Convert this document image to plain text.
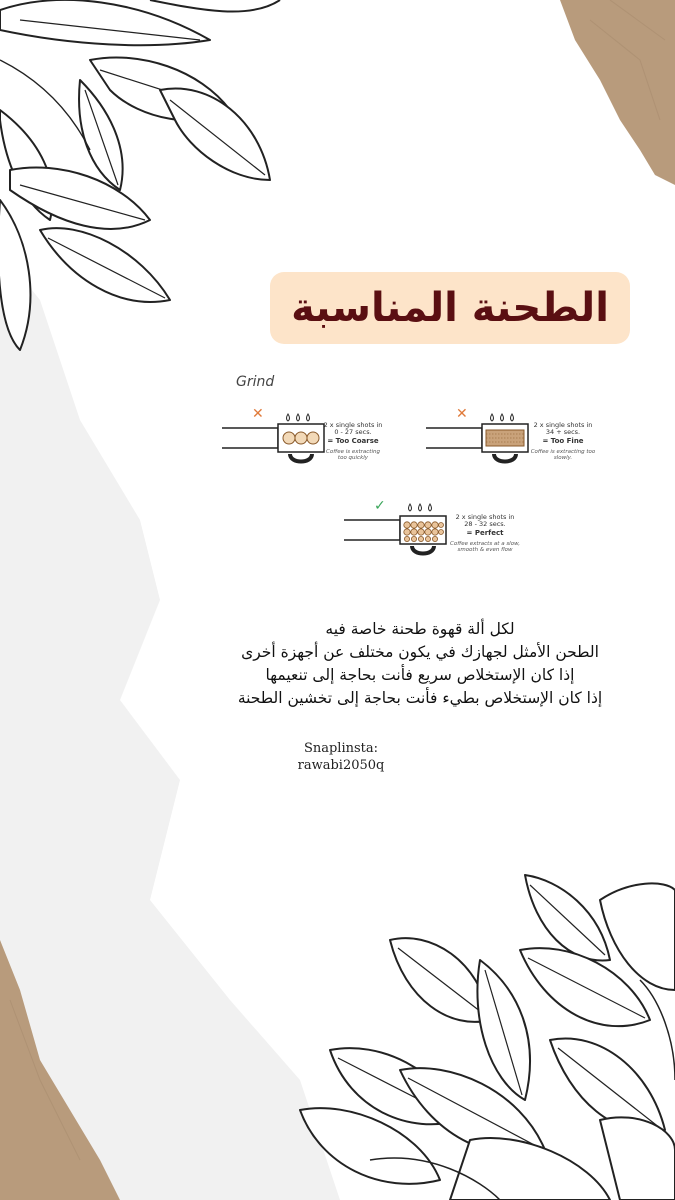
الطحنة المناسبة
Grind
✕
2 x single shots in
0 - 27 secs.
= Too Coarse
Coffee is extracting too quickly
✕
2 x single shots in
34 + secs.
= Too Fine
Coffee is extracting too slowly.
✓
2 x single shots in
28 - 32 secs.
= Perfect
Coffee extracts at a slow, smooth & even flow
لكل ألة قهوة طحنة خاصة فيه
الطحن الأمثل لجهازك في يكون مختلف عن أجهزة أخرى
إذا كان الإستخلاص سريع فأنت بحاجة إلى تنعيمها
إذا كان الإستخلاص بطيء فأنت بحاجة إلى تخشين الطحنة
Snaplinsta:
rawabi2050q
